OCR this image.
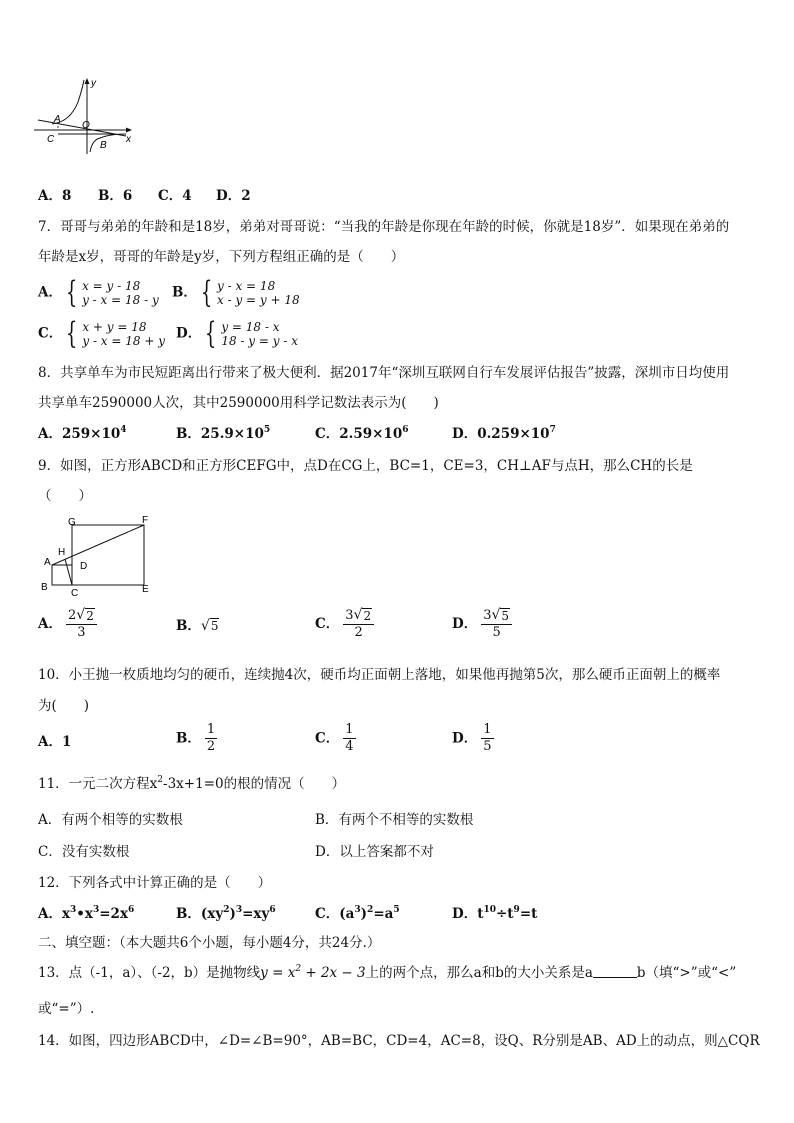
y
x
O
A
B
C
A．8 B．6 C．4 D．2
7．哥哥与弟弟的年龄和是18岁，弟弟对哥哥说：“当我的年龄是你现在年龄的时候，你就是18岁”．如果现在弟弟的
年龄是x岁，哥哥的年龄是y岁，下列方程组正确的是（　　）
A． { x = y - 18
y - x = 18 - y B． { y - x = 18
x - y = y + 18
C． { x + y = 18
y - x = 18 + y D． { y = 18 - x
18 - y = y - x
8．共享单车为市民短距离出行带来了极大便利．据2017年“深圳互联网自行车发展评估报告”披露，深圳市日均使用
共享单车2590000人次，其中2590000用科学记数法表示为(　　)
A．$259\times 10^4$	B．$25.9\times 10^5$	C．$2.59\times 10^6$	D．$0.259\times 10^7$
9．如图，正方形ABCD和正方形CEFG中，点D在CG上，BC=1，CE=3，CH⊥AF与点H，那么CH的长是
（　　）
G	F
H
A	D
B
C	E
A． $\frac{2 √ 2}{3}$	B． √ 5	C． $\frac{3 √ 2}{2}$	D． $\frac{3 √ 5}{5}$
10．小王抛一枚质地均匀的硬币，连续抛4次，硬币均正面朝上落地，如果他再抛第5次，那么硬币正面朝上的概率
为(　　)
A．1	B． $\frac{1}{2}$	C． $\frac{1}{4}$	D． $\frac{1}{5}$
11．一元二次方程$x^2-3x+1=0$的根的情况（　　）
A．有两个相等的实数根	B．有两个不相等的实数根
C．没有实数根	D．以上答案都不对
12．下列各式中计算正确的是（　　）
A．$x^3•x^3=2x^6$	B．$(xy^2)^3=xy^6$	C．$(a^3)^2=a^5$	D．$t^{10}\div t^9=t$
二、填空题：（本大题共6个小题，每小题4分，共24分.）
13．点（-1，a）、（-2，b）是抛物线$y = x^2 + 2x - 3$上的两个点，那么a和b的大小关系是a	b（填“>”或“<”
或“=”）.
14．如图，四边形ABCD中，∠D=∠B=90°，AB=BC，CD=4，AC=8，设Q、R分别是AB、AD上的动点，则△CQR
